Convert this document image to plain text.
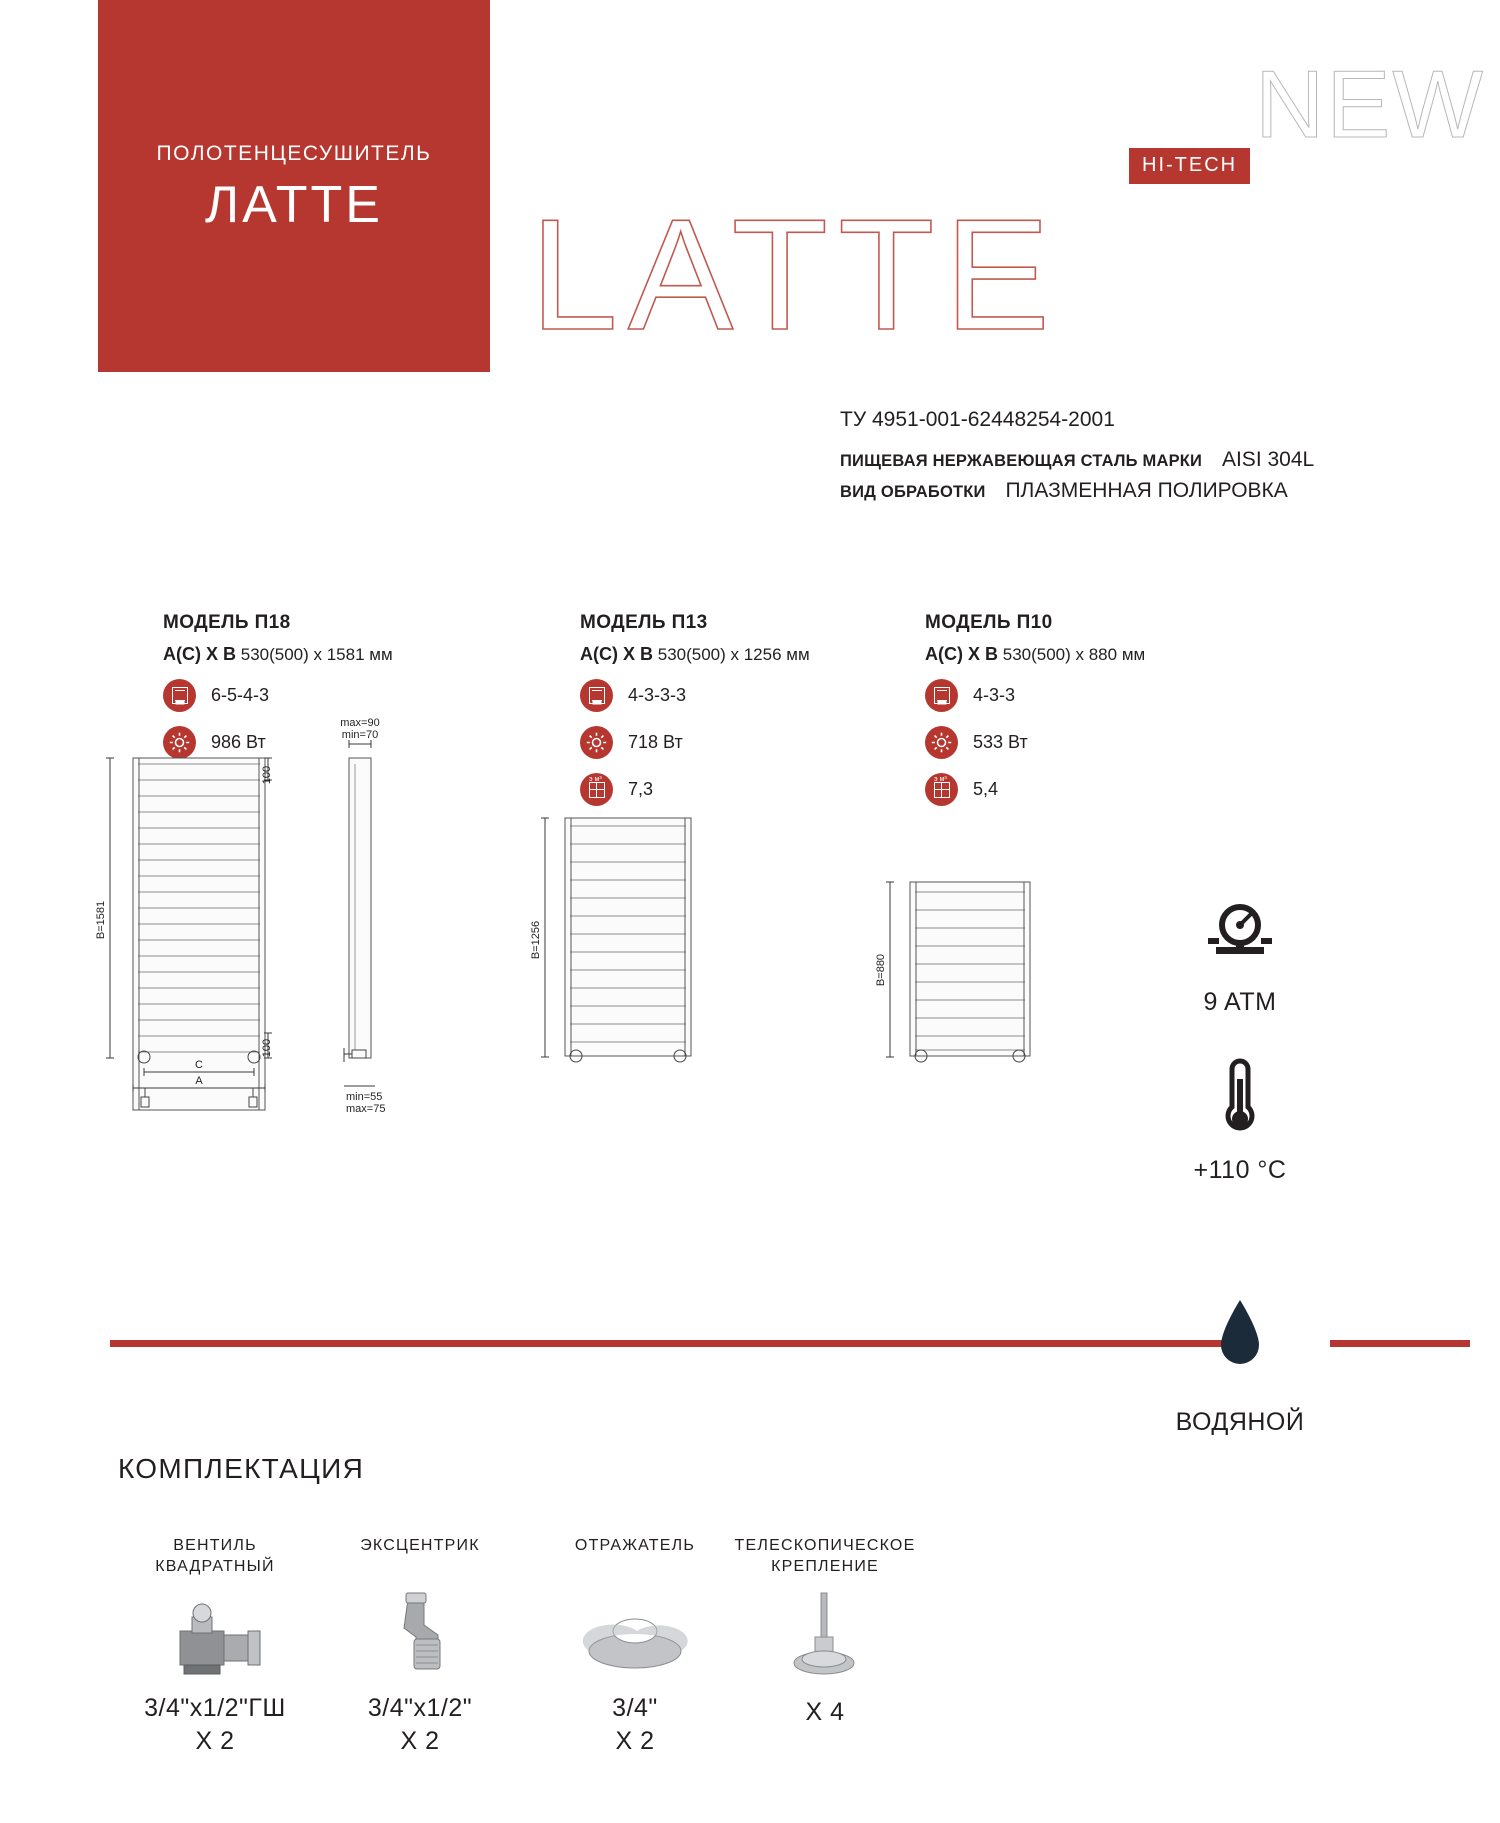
ПОЛОТЕНЦЕСУШИТЕЛЬ
ЛАТТЕ
NEW
HI-TECH
LATTE
ТУ 4951-001-62448254-2001
ПИЩЕВАЯ НЕРЖАВЕЮЩАЯ СТАЛЬ МАРКИ AISI 304L
ВИД ОБРАБОТКИ ПЛАЗМЕННАЯ ПОЛИРОВКА
МОДЕЛЬ П18
A(C) X B 530(500) x 1581 мм
6-5-4-3
986 Вт
МОДЕЛЬ П13
A(C) X B 530(500) x 1256 мм
4-3-3-3
718 Вт
э м³ 7,3
МОДЕЛЬ П10
A(C) X B 530(500) x 880 мм
4-3-3
533 Вт
э м³ 5,4
B=1581
100
100
C
A
max=90
min=70
min=55
max=75
B=1256
B=880
9 ATM
+110 °C
ВОДЯНОЙ
КОМПЛЕКТАЦИЯ
ВЕНТИЛЬ
КВАДРАТНЫЙ
3/4"x1/2"ГШ
X 2
ЭКСЦЕНТРИК
3/4"x1/2"
X 2
ОТРАЖАТЕЛЬ
3/4"
X 2
ТЕЛЕСКОПИЧЕСКОЕ
КРЕПЛЕНИЕ
X 4
